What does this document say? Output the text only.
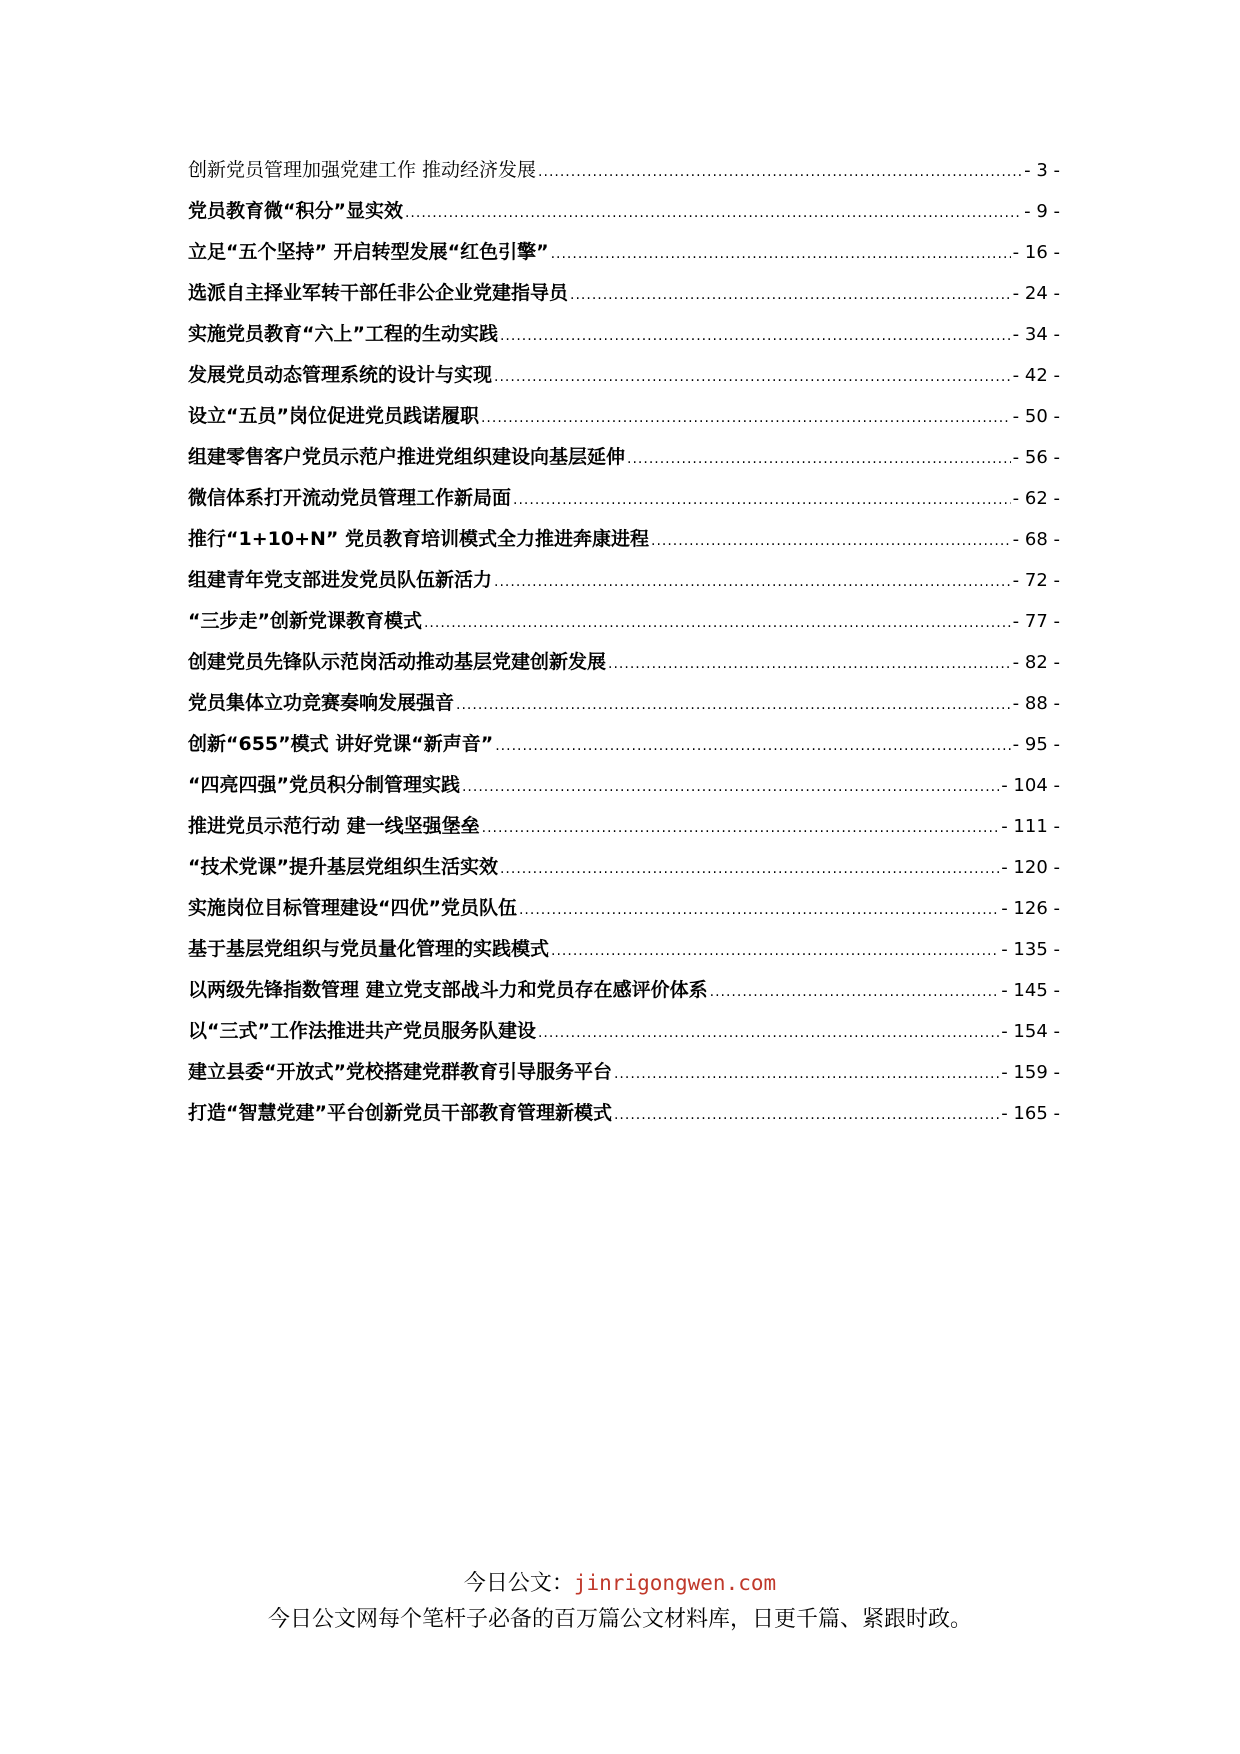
创新党员管理加强党建工作 推动经济发展 .....	- 3 -
党员教育微“积分”显实效 .....	- 9 -
立足“五个坚持” 开启转型发展“红色引擎” .....	- 16 -
选派自主择业军转干部任非公企业党建指导员 .....	- 24 -
实施党员教育“六上”工程的生动实践 .....	- 34 -
发展党员动态管理系统的设计与实现 .....	- 42 -
设立“五员”岗位促进党员践诺履职 .....	- 50 -
组建零售客户党员示范户推进党组织建设向基层延伸 .....	- 56 -
微信体系打开流动党员管理工作新局面 .....	- 62 -
推行“1+10+N” 党员教育培训模式全力推进奔康进程 .....	- 68 -
组建青年党支部进发党员队伍新活力 .....	- 72 -
“三步走”创新党课教育模式 .....	- 77 -
创建党员先锋队示范岗活动推动基层党建创新发展 .....	- 82 -
党员集体立功竞赛奏响发展强音 .....	- 88 -
创新“655”模式 讲好党课“新声音” .....	- 95 -
“四亮四强”党员积分制管理实践 .....	- 104 -
推进党员示范行动 建一线坚强堡垒 .....	- 111 -
“技术党课”提升基层党组织生活实效 .....	- 120 -
实施岗位目标管理建设“四优”党员队伍 .....	- 126 -
基于基层党组织与党员量化管理的实践模式 .....	- 135 -
以两级先锋指数管理 建立党支部战斗力和党员存在感评价体系 .....	- 145 -
以“三式”工作法推进共产党员服务队建设 .....	- 154 -
建立县委“开放式”党校搭建党群教育引导服务平台 .....	- 159 -
打造“智慧党建”平台创新党员干部教育管理新模式 .....	- 165 -
今日公文：jinrigongwen.com
今日公文网每个笔杆子必备的百万篇公文材料库，日更千篇、紧跟时政。
